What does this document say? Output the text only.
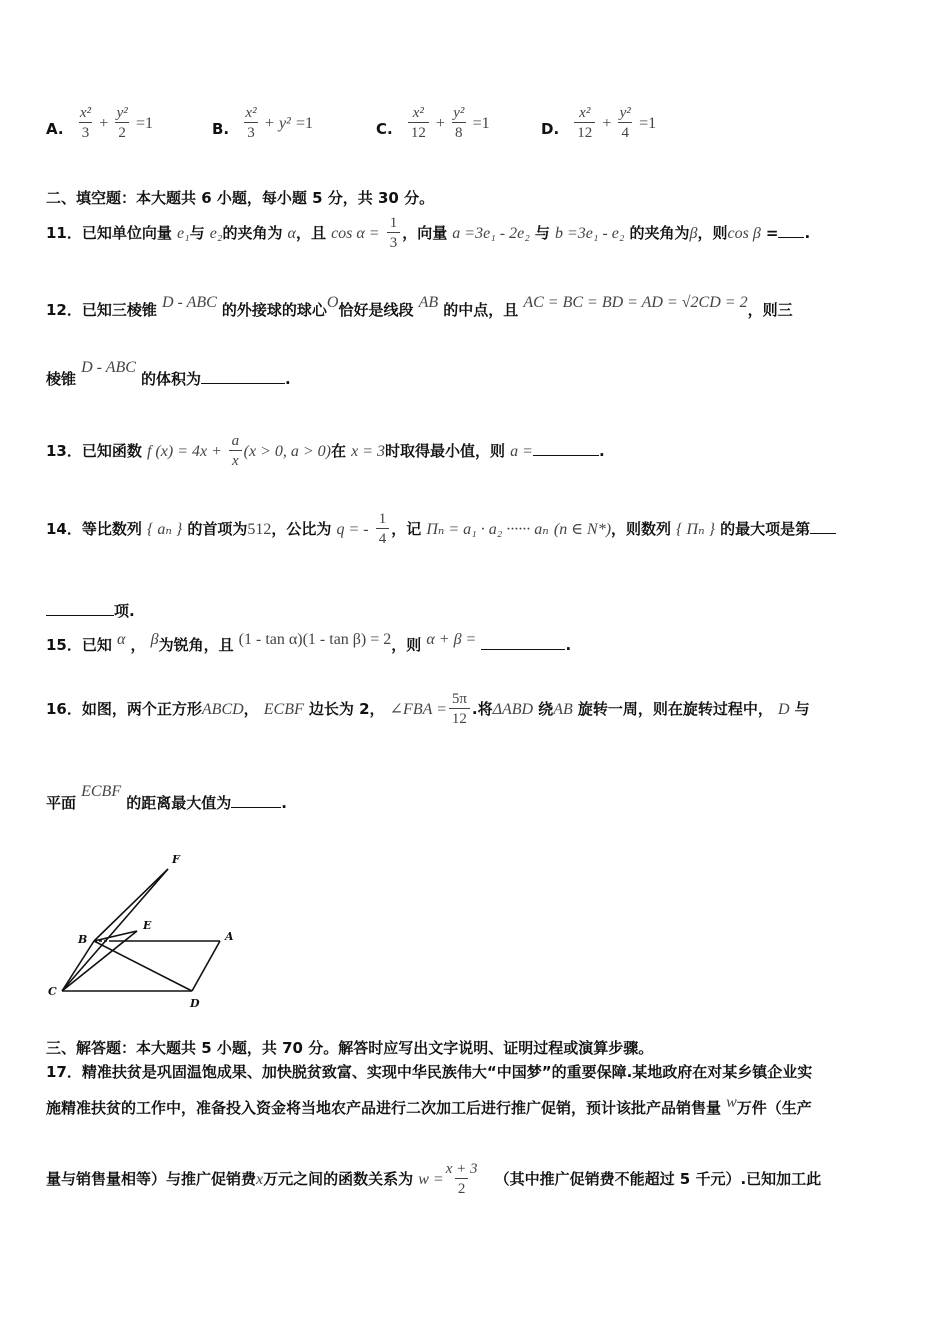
A. $\frac{\text{x²}}{3} + \frac{\text{y²}}{2} =1$	B. $\frac{\text{x²}}{3} + y^2 =1$	C. $\frac{\text{x²}}{12} + \frac{\text{y²}}{8} =1$	D. $\frac{\text{x²}}{12} + \frac{\text{y²}}{4} =1$
二、填空题：本大题共 6 小题，每小题 5 分，共 30 分。
11．已知单位向量 e₁与 e₂的夹角为 α，且 $\cos \alpha = \frac{1}{3}$ ，向量 a =3e₁ - 2e₂ 与 b =3e₁ - e₂ 的夹角为β，则cos β = .
12．已知三棱锥 D - ABC 的外接球的球心O恰好是线段 AB 的中点，且 AC = BC = BD = AD = √2CD = 2，则三
棱锥 D - ABC 的体积为	.
13．已知函数 f $(x) = 4x + \frac{a}{x} (x > 0$, a > 0)在 x = 3时取得最小值，则 a =	.
14．等比数列 { aₙ } 的首项为512，公比为 q = - $\frac{1}{4}$ ，记 Πₙ = a₁ · a₂ ······ aₙ (n ∈ N*)，则数列 { Πₙ } 的最大项是第
项.
15．已知 α ， β为锐角，且 (1 - tan α)(1 - tan β) = 2，则 α + β =	.
16．如图，两个正方形ABCD， ECBF 边长为 2， ∠FBA = $\frac{5\pi}{12}$ .将ΔABD 绕AB 旋转一周，则在旋转过程中， D 与
平面 ECBF 的距离最大值为	.
F
E
B	A
C
D
三、解答题：本大题共 5 小题，共 70 分。解答时应写出文字说明、证明过程或演算步骤。
17．精准扶贫是巩固温饱成果、加快脱贫致富、实现中华民族伟大“中国梦”的重要保障.某地政府在对某乡镇企业实
施精准扶贫的工作中，准备投入资金将当地农产品进行二次加工后进行推广促销，预计该批产品销售量 w万件（生产
量与销售量相等）与推广促销费x万元之间的函数关系为 $w = \frac{x + 3}{2}$ （其中推广促销费不能超过 5 千元）.已知加工此
